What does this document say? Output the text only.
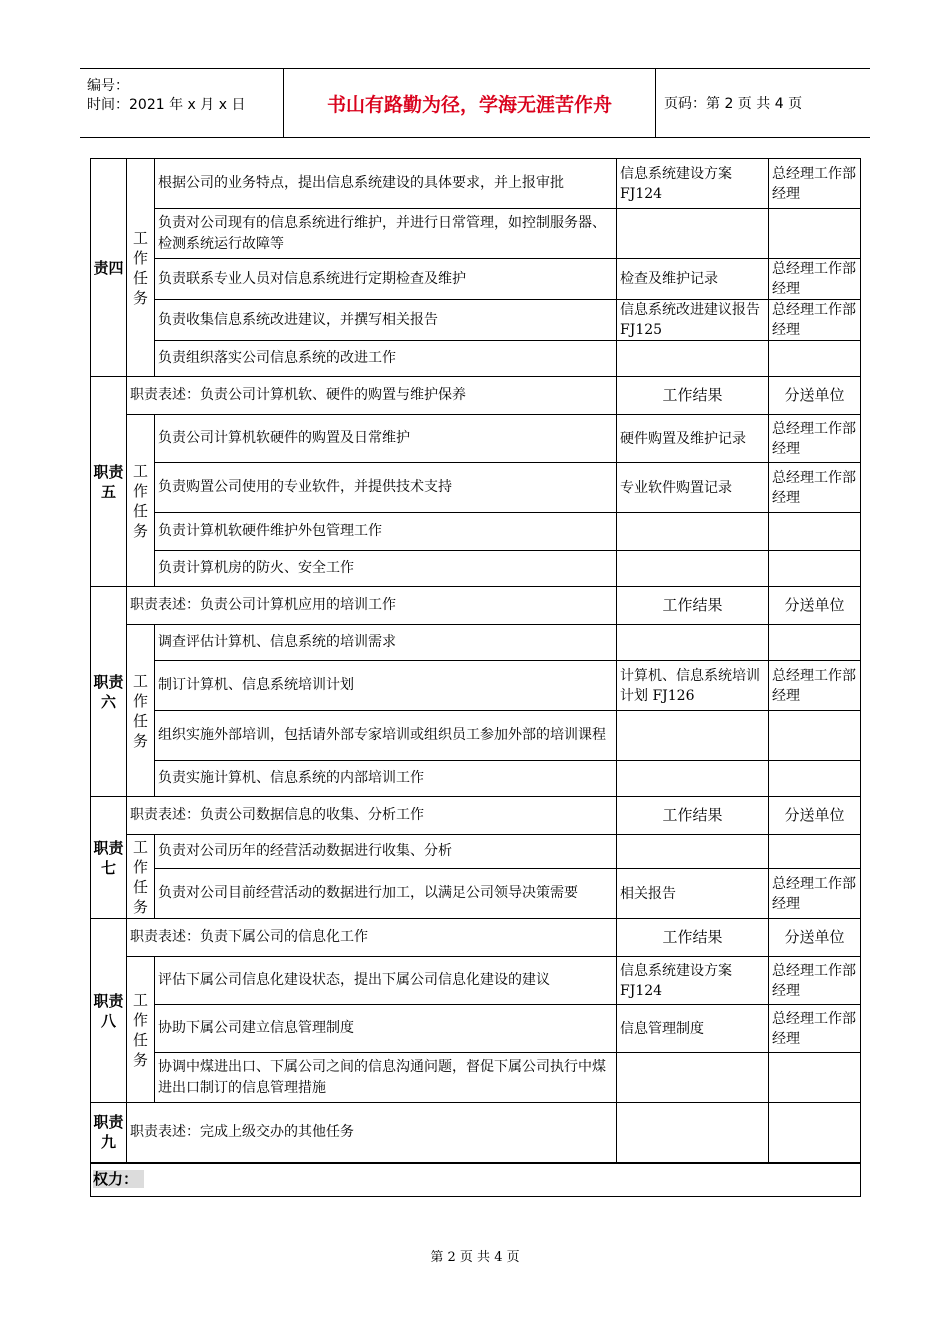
编号：
时间：2021 年 x 月 x 日	书山有路勤为径，学海无涯苦作舟	页码：第 2 页 共 4 页
责四	工作任务	根据公司的业务特点，提出信息系统建设的具体要求，并上报审批	信息系统建设方案 FJ124	总经理工作部经理
		负责对公司现有的信息系统进行维护，并进行日常管理，如控制服务器、检测系统运行故障等		
		负责联系专业人员对信息系统进行定期检查及维护	检查及维护记录	总经理工作部经理
		负责收集信息系统改进建议，并撰写相关报告	信息系统改进建议报告 FJ125	总经理工作部经理
		负责组织落实公司信息系统的改进工作		
职责五	职责表述：负责公司计算机软、硬件的购置与维护保养		工作结果	分送单位
	工作任务	负责公司计算机软硬件的购置及日常维护	硬件购置及维护记录	总经理工作部经理
		负责购置公司使用的专业软件，并提供技术支持	专业软件购置记录	总经理工作部经理
		负责计算机软硬件维护外包管理工作		
		负责计算机房的防火、安全工作		
职责六	职责表述：负责公司计算机应用的培训工作		工作结果	分送单位
	工作任务	调查评估计算机、信息系统的培训需求		
		制订计算机、信息系统培训计划	计算机、信息系统培训计划 FJ126	总经理工作部经理
		组织实施外部培训，包括请外部专家培训或组织员工参加外部的培训课程		
		负责实施计算机、信息系统的内部培训工作		
职责七	职责表述：负责公司数据信息的收集、分析工作		工作结果	分送单位
	工作任务	负责对公司历年的经营活动数据进行收集、分析		
		负责对公司目前经营活动的数据进行加工，以满足公司领导决策需要	相关报告	总经理工作部经理
职责八	职责表述：负责下属公司的信息化工作		工作结果	分送单位
	工作任务	评估下属公司信息化建设状态，提出下属公司信息化建设的建议	信息系统建设方案 FJ124	总经理工作部经理
		协助下属公司建立信息管理制度	信息管理制度	总经理工作部经理
		协调中煤进出口、下属公司之间的信息沟通问题，督促下属公司执行中煤进出口制订的信息管理措施		
职责九	职责表述：完成上级交办的其他任务			
权力：				
第 2 页 共 4 页
